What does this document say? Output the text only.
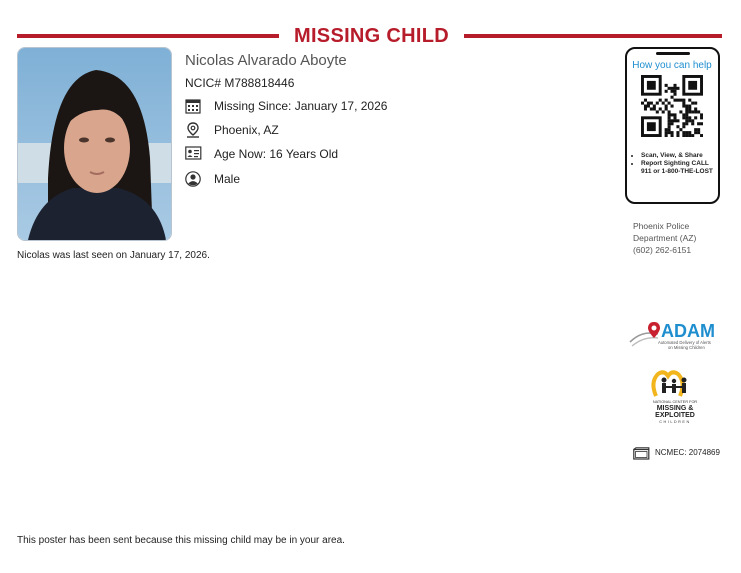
MISSING CHILD
Nicolas Alvarado Aboyte
NCIC# M788818446
Missing Since: January 17, 2026
Phoenix, AZ
Age Now: 16 Years Old
Male
Nicolas was last seen on January 17, 2026.
How you can help
• Scan, View, & Share
• Report Sighting CALL 911 or 1-800-THE-LOST
Phoenix Police
Department (AZ)
(602) 262-6151
ADAM
Automated Delivery of Alerts
on Missing Children
NATIONAL CENTER FOR
MISSING &
EXPLOITED
CHILDREN
NCMEC: 2074869
This poster has been sent because this missing child may be in your area.
